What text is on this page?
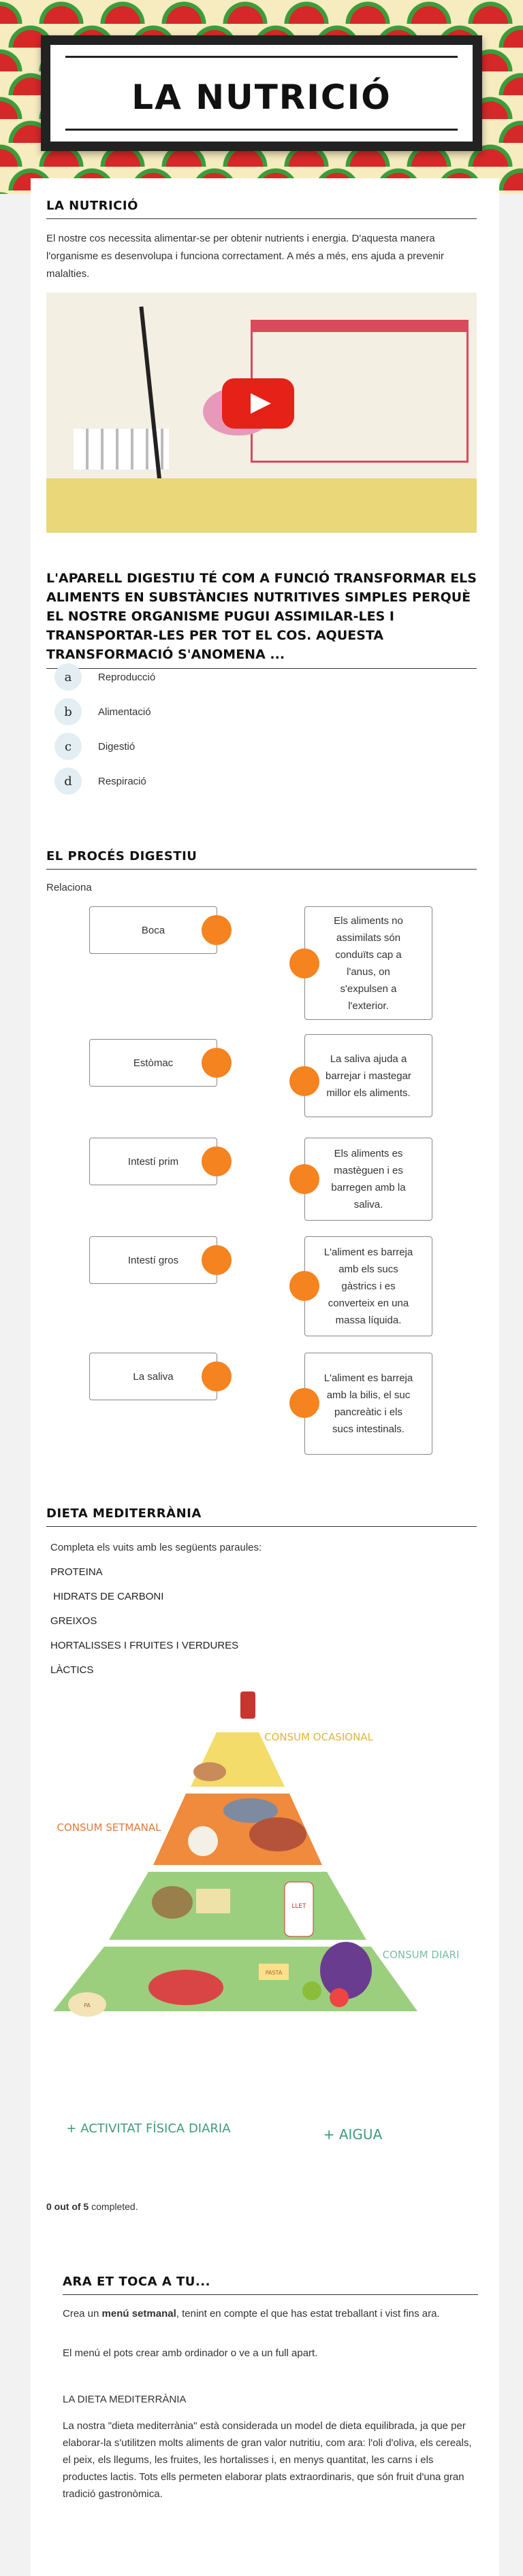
LA NUTRICIÓ
LA NUTRICIÓ
El nostre cos necessita alimentar-se per obtenir nutrients i energia. D'aquesta manera l'organisme es desenvolupa i funciona correctament. A més a més, ens ajuda a prevenir malalties.
L'APARELL DIGESTIU TÉ COM A FUNCIÓ TRANSFORMAR ELS ALIMENTS EN SUBSTÀNCIES NUTRITIVES SIMPLES PERQUÈ EL NOSTRE ORGANISME PUGUI ASSIMILAR-LES I TRANSPORTAR-LES PER TOT EL COS. AQUESTA TRANSFORMACIÓ S'ANOMENA ...
a	Reproducció
b	Alimentació
c	Digestió
d	Respiració
EL PROCÉS DIGESTIU
Relaciona
Boca
Estòmac
Intestí prim
Intestí gros
La saliva
Els aliments no assimilats són conduïts cap a l'anus, on s'expulsen a l'exterior.
La saliva ajuda a barrejar i mastegar millor els aliments.
Els aliments es mastèguen i es barregen amb la saliva.
L'aliment es barreja amb els sucs gàstrics i es converteix en una massa líquida.
L'aliment es barreja amb la bilis, el suc pancreàtic i els sucs intestinals.
DIETA MEDITERRÀNIA
Completa els vuits amb les següents paraules:
PROTEINA
HIDRATS DE CARBONI
GREIXOS
HORTALISSES I FRUITES I VERDURES
LÀCTICS
LLET
PASTA
PA
CONSUM OCASIONAL
CONSUM SETMANAL
CONSUM DIARI
+ ACTIVITAT FÍSICA DIARIA	+ AIGUA
0 out of 5 completed.
ARA ET TOCA A TU...
Crea un menú setmanal, tenint en compte el que has estat treballant i vist fins ara.
El menú el pots crear amb ordinador o ve a un full apart.
LA DIETA MEDITERRÀNIA
La nostra "dieta mediterrània" està considerada un model de dieta equilibrada, ja que per elaborar-la s'utilitzen molts aliments de gran valor nutritiu, com ara: l'oli d'oliva, els cereals, el peix, els llegums, les fruites, les hortalisses i, en menys quantitat, les carns i els productes lactis. Tots ells permeten elaborar plats extraordinaris, que són fruit d'una gran tradició gastronòmica.
